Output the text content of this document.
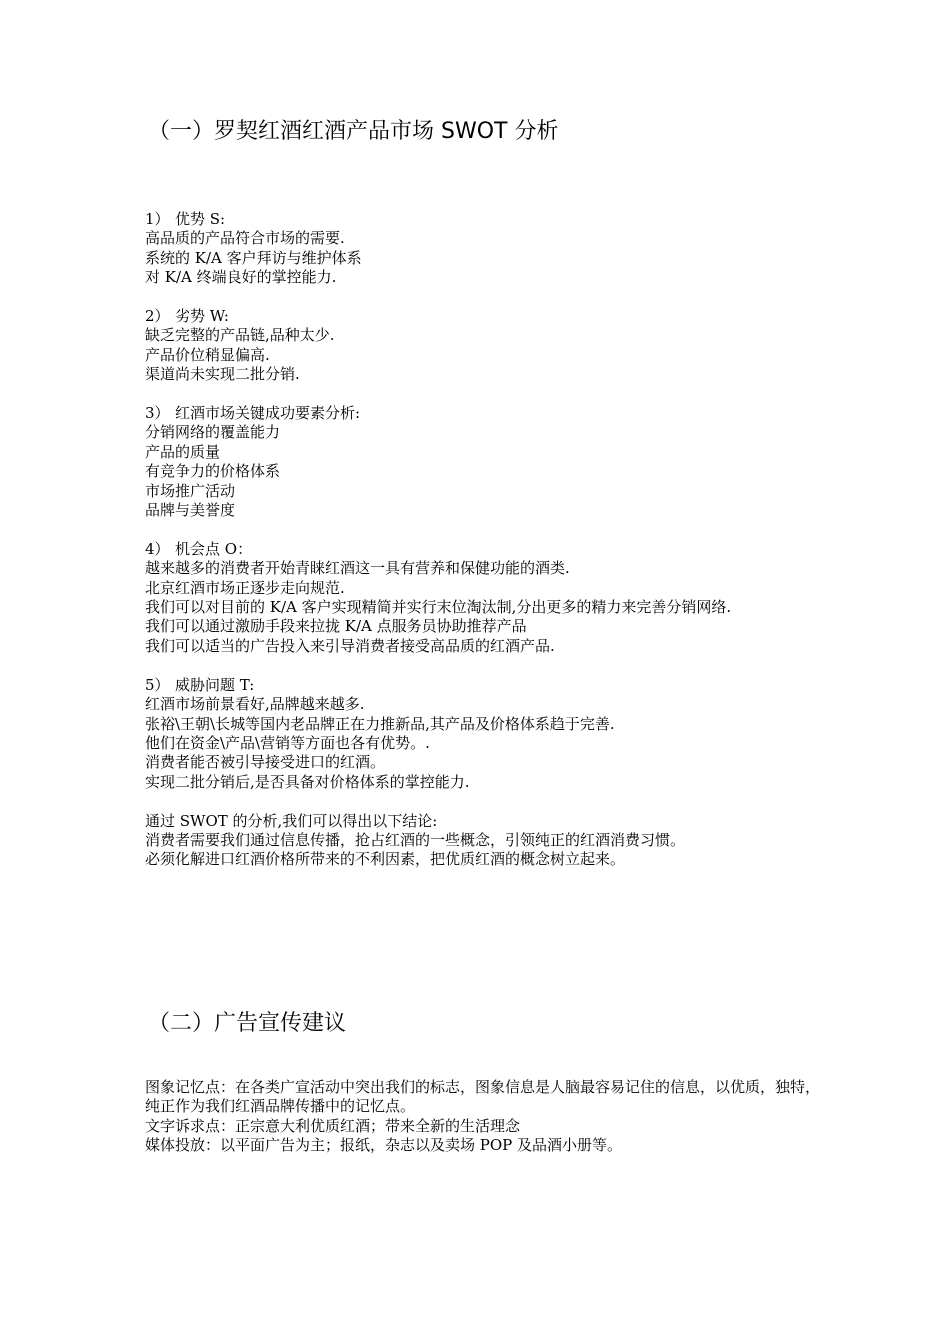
（一）罗契红酒红酒产品市场 SWOT 分析
1） 优势 S:
高品质的产品符合市场的需要.
系统的 K/A 客户拜访与维护体系
对 K/A 终端良好的掌控能力.
2） 劣势 W:
缺乏完整的产品链,品种太少.
产品价位稍显偏高.
渠道尚未实现二批分销.
3） 红酒市场关键成功要素分析:
分销网络的覆盖能力
产品的质量
有竞争力的价格体系
市场推广活动
品牌与美誉度
4） 机会点 O：
越来越多的消费者开始青睐红酒这一具有营养和保健功能的酒类.
北京红酒市场正逐步走向规范.
我们可以对目前的 K/A 客户实现精简并实行末位淘汰制,分出更多的精力来完善分销网络.
我们可以通过激励手段来拉拢 K/A 点服务员协助推荐产品
我们可以适当的广告投入来引导消费者接受高品质的红酒产品.
5） 威胁问题 T:
红酒市场前景看好,品牌越来越多.
张裕\王朝\长城等国内老品牌正在力推新品,其产品及价格体系趋于完善.
他们在资金\产品\营销等方面也各有优势。.
消费者能否被引导接受进口的红酒。
实现二批分销后,是否具备对价格体系的掌控能力.
通过 SWOT 的分析,我们可以得出以下结论:
消费者需要我们通过信息传播，抢占红酒的一些概念，引领纯正的红酒消费习惯。
必须化解进口红酒价格所带来的不利因素，把优质红酒的概念树立起来。
（二）广告宣传建议
图象记忆点：在各类广宣活动中突出我们的标志，图象信息是人脑最容易记住的信息，以优质，独特，纯正作为我们红酒品牌传播中的记忆点。
文字诉求点：正宗意大利优质红酒；带来全新的生活理念
媒体投放：以平面广告为主；报纸，杂志以及卖场 POP 及品酒小册等。
